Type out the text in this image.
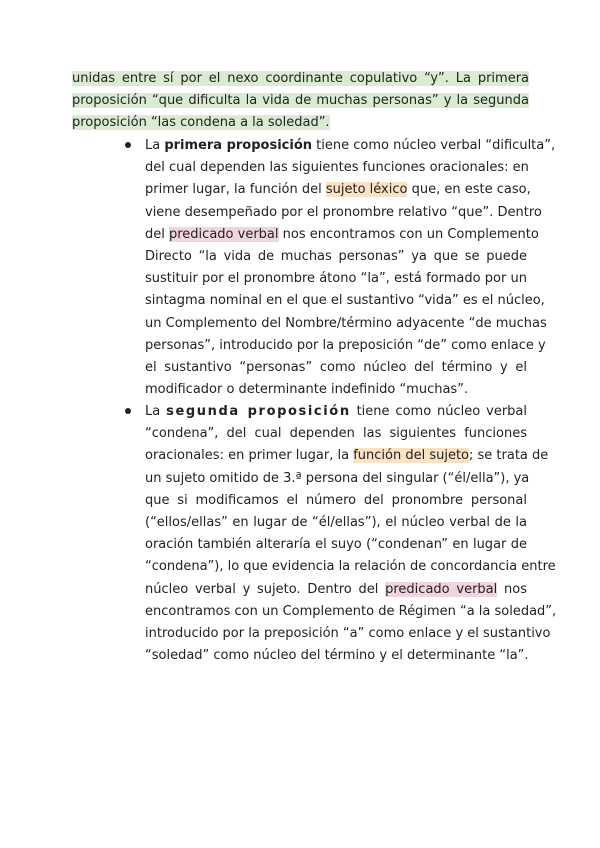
unidas entre sí por el nexo coordinante copulativo “y”. La primera
proposición “que dificulta la vida de muchas personas” y la segunda
proposición “las condena a la soledad”.
La primera proposición tiene como núcleo verbal “dificulta”,
del cual dependen las siguientes funciones oracionales: en
primer lugar, la función del sujeto léxico que, en este caso,
viene desempeñado por el pronombre relativo “que”. Dentro
del predicado verbal nos encontramos con un Complemento
Directo “la vida de muchas personas” ya que se puede
sustituir por el pronombre átono “la”, está formado por un
sintagma nominal en el que el sustantivo “vida” es el núcleo,
un Complemento del Nombre/término adyacente “de muchas
personas”, introducido por la preposición “de” como enlace y
el sustantivo “personas” como núcleo del término y el
modificador o determinante indefinido “muchas”.
La segunda proposición tiene como núcleo verbal
“condena”, del cual dependen las siguientes funciones
oracionales: en primer lugar, la función del sujeto; se trata de
un sujeto omitido de 3.ª persona del singular (“él/ella”), ya
que si modificamos el número del pronombre personal
(“ellos/ellas” en lugar de “él/ellas”), el núcleo verbal de la
oración también alteraría el suyo (“condenan” en lugar de
“condena”), lo que evidencia la relación de concordancia entre
núcleo verbal y sujeto. Dentro del predicado verbal nos
encontramos con un Complemento de Régimen “a la soledad”,
introducido por la preposición “a” como enlace y el sustantivo
“soledad” como núcleo del término y el determinante “la”.
